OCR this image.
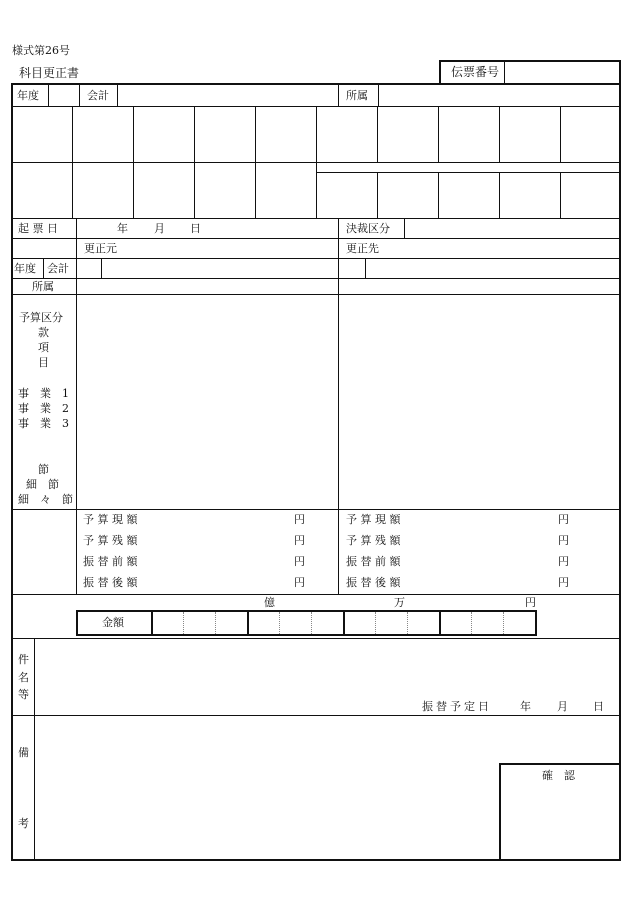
様式第26号
科目更正書	伝票番号
年度	会計	所属
起 票 日	年 月 日	決裁区分
更正元	更正先
年度 会計
所属
予算区分
款
項
目
事　業　1
事　業　2
事　業　3
節
細　節
細　々　節
予 算 現 額	円
予 算 残 額	円
振 替 前 額	円
振 替 後 額	円
予 算 現 額	円
予 算 残 額	円
振 替 前 額	円
振 替 後 額	円
億	万	円
金額
件
名
等
振替予定日	年 月 日
備
考
確　認
